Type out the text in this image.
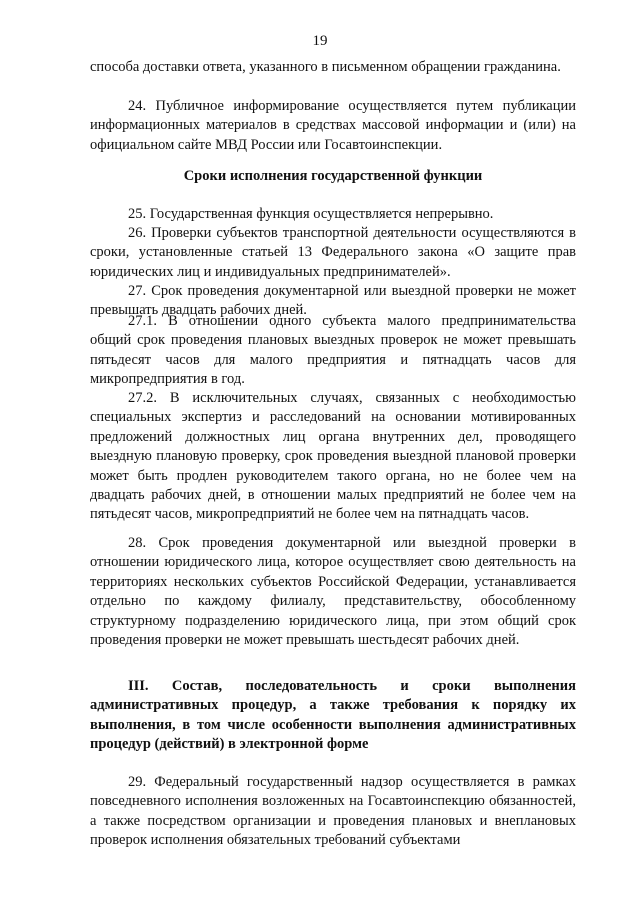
19

способа доставки ответа, указанного в письменном обращении гражданина.

24. Публичное информирование осуществляется путем публикации информационных материалов в средствах массовой информации и (или) на официальном сайте МВД России или Госавтоинспекции.

Сроки исполнения государственной функции

25. Государственная функция осуществляется непрерывно.

26. Проверки субъектов транспортной деятельности осуществляются в сроки, установленные статьей 13 Федерального закона «О защите прав юридических лиц и индивидуальных предпринимателей».

27. Срок проведения документарной или выездной проверки не может превышать двадцать рабочих дней.

27.1. В отношении одного субъекта малого предпринимательства общий срок проведения плановых выездных проверок не может превышать пятьдесят часов для малого предприятия и пятнадцать часов для микропредприятия в год.

27.2. В исключительных случаях, связанных с необходимостью специальных экспертиз и расследований на основании мотивированных предложений должностных лиц органа внутренних дел, проводящего выездную плановую проверку, срок проведения выездной плановой проверки может быть продлен руководителем такого органа, но не более чем на двадцать рабочих дней, в отношении малых предприятий не более чем на пятьдесят часов, микропредприятий не более чем на пятнадцать часов.

28. Срок проведения документарной или выездной проверки в отношении юридического лица, которое осуществляет свою деятельность на территориях нескольких субъектов Российской Федерации, устанавливается отдельно по каждому филиалу, представительству, обособленному структурному подразделению юридического лица, при этом общий срок проведения проверки не может превышать шестьдесят рабочих дней.

III. Состав, последовательность и сроки выполнения административных процедур, а также требования к порядку их выполнения, в том числе особенности выполнения административных процедур (действий) в электронной форме

29. Федеральный государственный надзор осуществляется в рамках повседневного исполнения возложенных на Госавтоинспекцию обязанностей, а также посредством организации и проведения плановых и внеплановых проверок исполнения обязательных требований субъектами
